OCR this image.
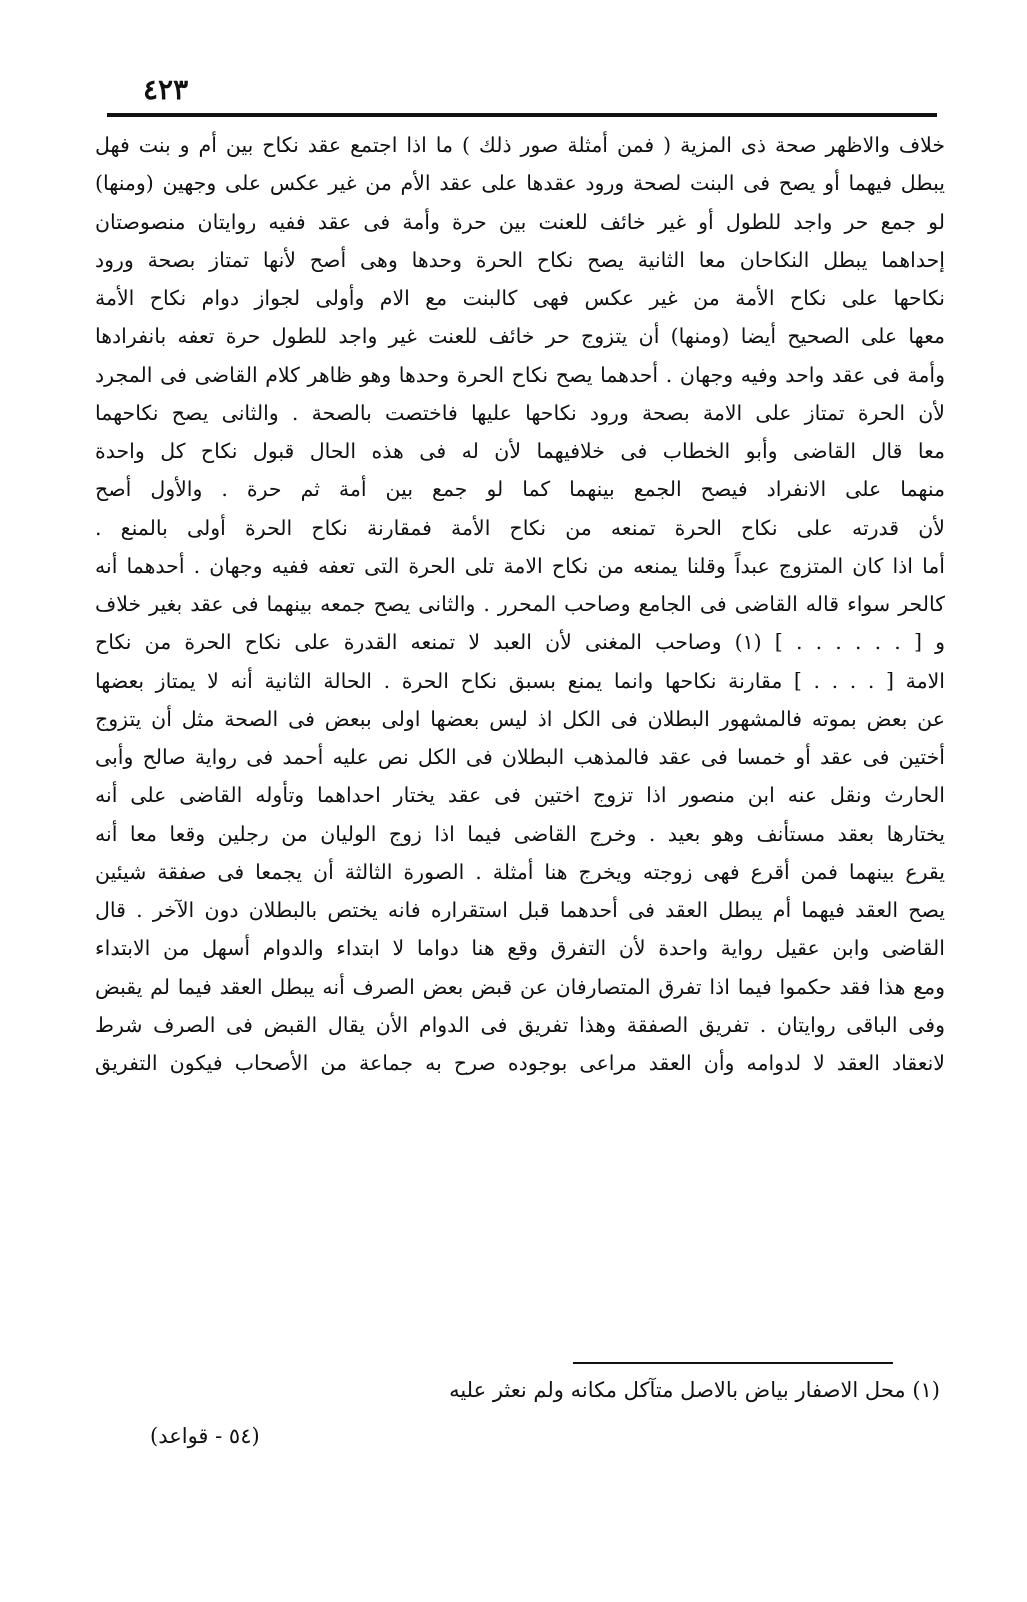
٤٢٣
خلاف والاظهر صحة ذى المزية ( فمن أمثلة صور ذلك ) ما اذا اجتمع عقد نكاح بين أم و بنت فهل
يبطل فيهما أو يصح فى البنت لصحة ورود عقدها على عقد الأم من غير عكس على وجهين (ومنها)
لو جمع حر واجد للطول أو غير خائف للعنت بين حرة وأمة فى عقد ففيه روايتان منصوصتان
إحداهما يبطل النكاحان معا الثانية يصح نكاح الحرة وحدها وهى أصح لأنها تمتاز بصحة ورود
نكاحها على نكاح الأمة من غير عكس فهى كالبنت مع الام وأولى لجواز دوام نكاح الأمة
معها على الصحيح أيضا (ومنها) أن يتزوج حر خائف للعنت غير واجد للطول حرة تعفه بانفرادها
وأمة فى عقد واحد وفيه وجهان . أحدهما يصح نكاح الحرة وحدها وهو ظاهر كلام القاضى فى المجرد
لأن الحرة تمتاز على الامة بصحة ورود نكاحها عليها فاختصت بالصحة . والثانى يصح نكاحهما
معا قال القاضى وأبو الخطاب فى خلافيهما لأن له فى هذه الحال قبول نكاح كل واحدة
منهما على الانفراد فيصح الجمع بينهما كما لو جمع بين أمة ثم حرة . والأول أصح
لأن قدرته على نكاح الحرة تمنعه من نكاح الأمة فمقارنة نكاح الحرة أولى بالمنع .
أما اذا كان المتزوج عبداً وقلنا يمنعه من نكاح الامة تلى الحرة التى تعفه ففيه وجهان . أحدهما أنه
كالحر سواء قاله القاضى فى الجامع وصاحب المحرر . والثانى يصح جمعه بينهما فى عقد بغير خلاف
و [ . . . . . . ] (١) وصاحب المغنى لأن العبد لا تمنعه القدرة على نكاح الحرة من نكاح
الامة [ . . . . ] مقارنة نكاحها وانما يمنع بسبق نكاح الحرة . الحالة الثانية أنه لا يمتاز بعضها
عن بعض بموته فالمشهور البطلان فى الكل اذ ليس بعضها اولى ببعض فى الصحة مثل أن يتزوج
أختين فى عقد أو خمسا فى عقد فالمذهب البطلان فى الكل نص عليه أحمد فى رواية صالح وأبى
الحارث ونقل عنه ابن منصور اذا تزوج اختين فى عقد يختار احداهما وتأوله القاضى على أنه
يختارها بعقد مستأنف وهو بعيد . وخرج القاضى فيما اذا زوج الوليان من رجلين وقعا معا أنه
يقرع بينهما فمن أقرع فهى زوجته ويخرج هنا أمثلة . الصورة الثالثة أن يجمعا فى صفقة شيئين
يصح العقد فيهما أم يبطل العقد فى أحدهما قبل استقراره فانه يختص بالبطلان دون الآخر . قال
القاضى وابن عقيل رواية واحدة لأن التفرق وقع هنا دواما لا ابتداء والدوام أسهل من الابتداء
ومع هذا فقد حكموا فيما اذا تفرق المتصارفان عن قبض بعض الصرف أنه يبطل العقد فيما لم يقبض
وفى الباقى روايتان . تفريق الصفقة وهذا تفريق فى الدوام الأن يقال القبض فى الصرف شرط
لانعقاد العقد لا لدوامه وأن العقد مراعى بوجوده صرح به جماعة من الأصحاب فيكون التفريق
(١) محل الاصفار بياض بالاصل متآكل مكانه ولم نعثر عليه
(٥٤ - قواعد)
